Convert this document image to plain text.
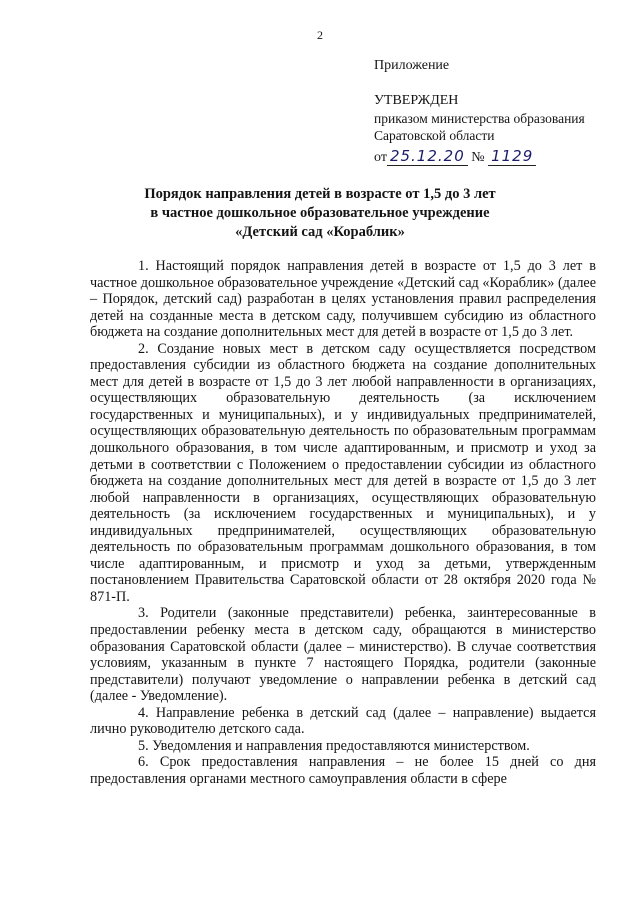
2
Приложение
УТВЕРЖДЕН
приказом министерства образования
Саратовской области
от 25.12.20 № 1129
Порядок направления детей в возрасте от 1,5 до 3 лет
в частное дошкольное образовательное учреждение
«Детский сад «Кораблик»

1. Настоящий порядок направления детей в возрасте от 1,5 до 3 лет в частное дошкольное образовательное учреждение «Детский сад «Кораблик» (далее – Порядок, детский сад) разработан в целях установления правил распределения детей на созданные места в детском саду, получившем субсидию из областного бюджета на создание дополнительных мест для детей в возрасте от 1,5 до 3 лет.

2. Создание новых мест в детском саду осуществляется посредством предоставления субсидии из областного бюджета на создание дополнительных мест для детей в возрасте от 1,5 до 3 лет любой направленности в организациях, осуществляющих образовательную деятельность (за исключением государственных и муниципальных), и у индивидуальных предпринимателей, осуществляющих образовательную деятельность по образовательным программам дошкольного образования, в том числе адаптированным, и присмотр и уход за детьми в соответствии с Положением о предоставлении субсидии из областного бюджета на создание дополнительных мест для детей в возрасте от 1,5 до 3 лет любой направленности в организациях, осуществляющих образовательную деятельность (за исключением государственных и муниципальных), и у индивидуальных предпринимателей, осуществляющих образовательную деятельность по образовательным программам дошкольного образования, в том числе адаптированным, и присмотр и уход за детьми, утвержденным постановлением Правительства Саратовской области от 28 октября 2020 года № 871-П.

3. Родители (законные представители) ребенка, заинтересованные в предоставлении ребенку места в детском саду, обращаются в министерство образования Саратовской области (далее – министерство). В случае соответствия условиям, указанным в пункте 7 настоящего Порядка, родители (законные представители) получают уведомление о направлении ребенка в детский сад (далее - Уведомление).

4. Направление ребенка в детский сад (далее – направление) выдается лично руководителю детского сада.

5. Уведомления и направления предоставляются министерством.

6. Срок предоставления направления – не более 15 дней со дня предоставления органами местного самоуправления области в сфере
